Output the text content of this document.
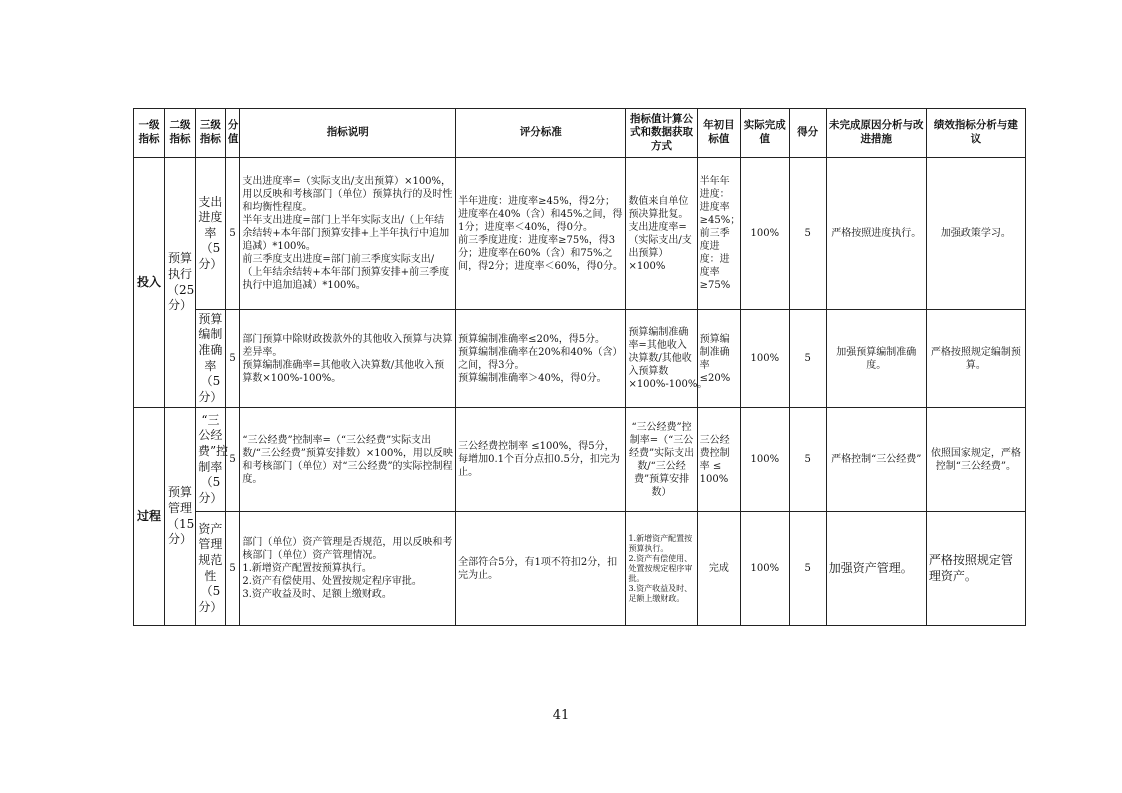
一级指标	二级指标	三级指标	分值	指标说明	评分标准	指标值计算公式和数据获取方式	年初目标值	实际完成值	得分	未完成原因分析与改进措施	绩效指标分析与建议
投入	预算执行（25分）	支出进度率（5分）	5	支出进度率=（实际支出/支出预算）×100%，用以反映和考核部门（单位）预算执行的及时性和均衡性程度。
半年支出进度=部门上半年实际支出/（上年结余结转+本年部门预算安排+上半年执行中追加追减）*100%。
前三季度支出进度=部门前三季度实际支出/（上年结余结转+本年部门预算安排+前三季度执行中追加追减）*100%。	半年进度：进度率≥45%，得2分；进度率在40%（含）和45%之间，得1分；进度率＜40%，得0分。
前三季度进度：进度率≥75%，得3分；进度率在60%（含）和75%之间，得2分；进度率＜60%，得0分。	数值来自单位预决算批复。支出进度率=（实际支出/支出预算）×100%	半年年进度：进度率≥45%；前三季度进度：进度率≥75%	100%	5	严格按照进度执行。	加强政策学习。
		预算编制准确率（5分）	5	部门预算中除财政拨款外的其他收入预算与决算差异率。
预算编制准确率=其他收入决算数/其他收入预算数×100%-100%。	预算编制准确率≤20%，得5分。
预算编制准确率在20%和40%（含）之间，得3分。
预算编制准确率＞40%，得0分。	预算编制准确率=其他收入决算数/其他收入预算数×100%-100%。	预算编制准确率≤20%	100%	5	加强预算编制准确度。	严格按照规定编制预算。
过程	预算管理（15分）	“三公经费”控制率（5分）	5	“三公经费”控制率=（“三公经费”实际支出数/“三公经费”预算安排数）×100%，用以反映和考核部门（单位）对“三公经费”的实际控制程度。	三公经费控制率 ≤100%，得5分，每增加0.1个百分点扣0.5分，扣完为止。	“三公经费”控制率=（“三公经费”实际支出数/“三公经费”预算安排数）	三公经费控制率 ≤ 100%	100%	5	严格控制“三公经费”	依照国家规定，严格控制“三公经费”。
		资产管理规范性（5分）	5	部门（单位）资产管理是否规范，用以反映和考核部门（单位）资产管理情况。
1.新增资产配置按预算执行。
2.资产有偿使用、处置按规定程序审批。
3.资产收益及时、足额上缴财政。	全部符合5分，有1项不符扣2分，扣完为止。	1.新增资产配置按预算执行。
2.资产有偿使用、处置按规定程序审批。
3.资产收益及时、足额上缴财政。	完成	100%	5	加强资产管理。	严格按照规定管理资产。
41
